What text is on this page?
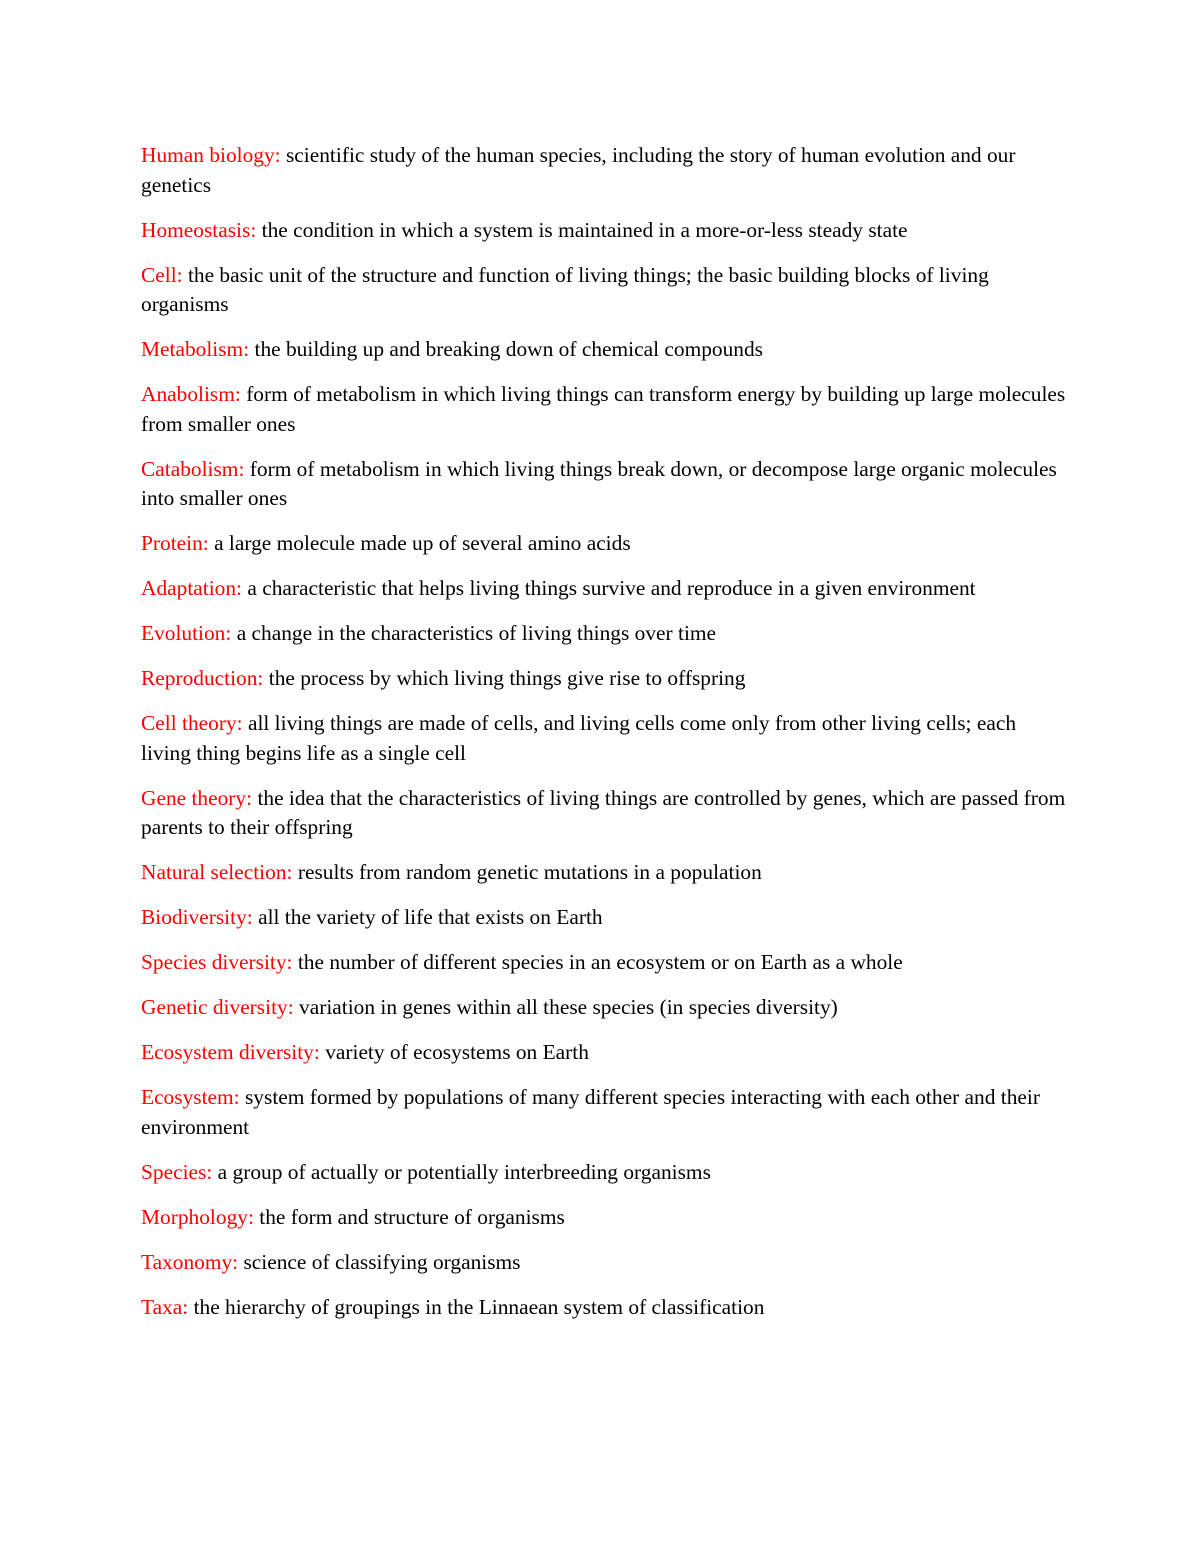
Human biology: scientific study of the human species, including the story of human evolution and our genetics

Homeostasis: the condition in which a system is maintained in a more-or-less steady state

Cell: the basic unit of the structure and function of living things; the basic building blocks of living organisms

Metabolism: the building up and breaking down of chemical compounds

Anabolism: form of metabolism in which living things can transform energy by building up large molecules from smaller ones

Catabolism: form of metabolism in which living things break down, or decompose large organic molecules into smaller ones

Protein: a large molecule made up of several amino acids

Adaptation: a characteristic that helps living things survive and reproduce in a given environment

Evolution: a change in the characteristics of living things over time

Reproduction: the process by which living things give rise to offspring

Cell theory: all living things are made of cells, and living cells come only from other living cells; each living thing begins life as a single cell

Gene theory: the idea that the characteristics of living things are controlled by genes, which are passed from parents to their offspring

Natural selection: results from random genetic mutations in a population

Biodiversity: all the variety of life that exists on Earth

Species diversity: the number of different species in an ecosystem or on Earth as a whole

Genetic diversity: variation in genes within all these species (in species diversity)

Ecosystem diversity: variety of ecosystems on Earth

Ecosystem: system formed by populations of many different species interacting with each other and their environment

Species: a group of actually or potentially interbreeding organisms

Morphology: the form and structure of organisms

Taxonomy: science of classifying organisms

Taxa: the hierarchy of groupings in the Linnaean system of classification
